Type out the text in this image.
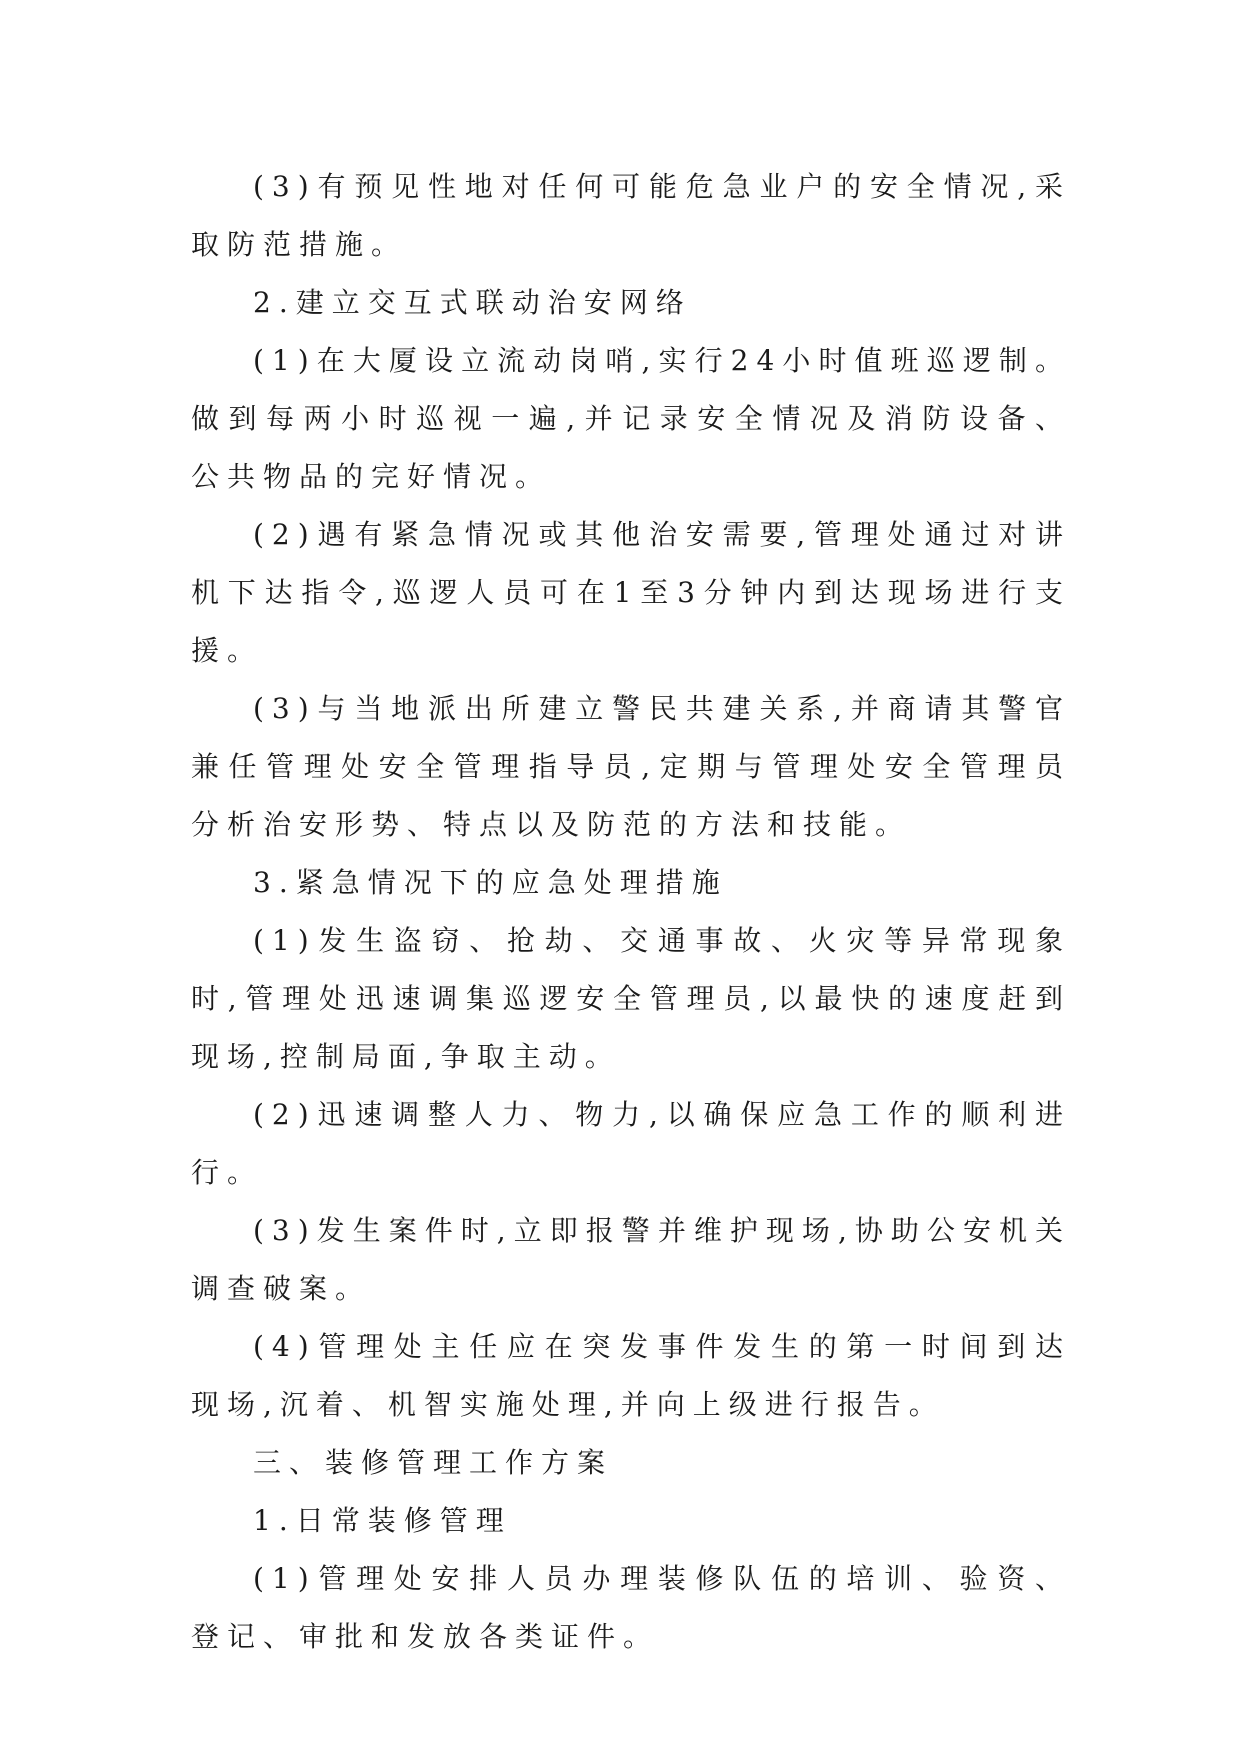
(3)有预见性地对任何可能危急业户的安全情况,采取防范措施。

2.建立交互式联动治安网络

(1)在大厦设立流动岗哨,实行24小时值班巡逻制。做到每两小时巡视一遍,并记录安全情况及消防设备、公共物品的完好情况。

(2)遇有紧急情况或其他治安需要,管理处通过对讲机下达指令,巡逻人员可在1至3分钟内到达现场进行支援。

(3)与当地派出所建立警民共建关系,并商请其警官兼任管理处安全管理指导员,定期与管理处安全管理员分析治安形势、特点以及防范的方法和技能。

3.紧急情况下的应急处理措施

(1)发生盗窃、抢劫、交通事故、火灾等异常现象时,管理处迅速调集巡逻安全管理员,以最快的速度赶到现场,控制局面,争取主动。

(2)迅速调整人力、物力,以确保应急工作的顺利进行。

(3)发生案件时,立即报警并维护现场,协助公安机关调查破案。

(4)管理处主任应在突发事件发生的第一时间到达现场,沉着、机智实施处理,并向上级进行报告。

三、装修管理工作方案

1.日常装修管理

(1)管理处安排人员办理装修队伍的培训、验资、登记、审批和发放各类证件。
